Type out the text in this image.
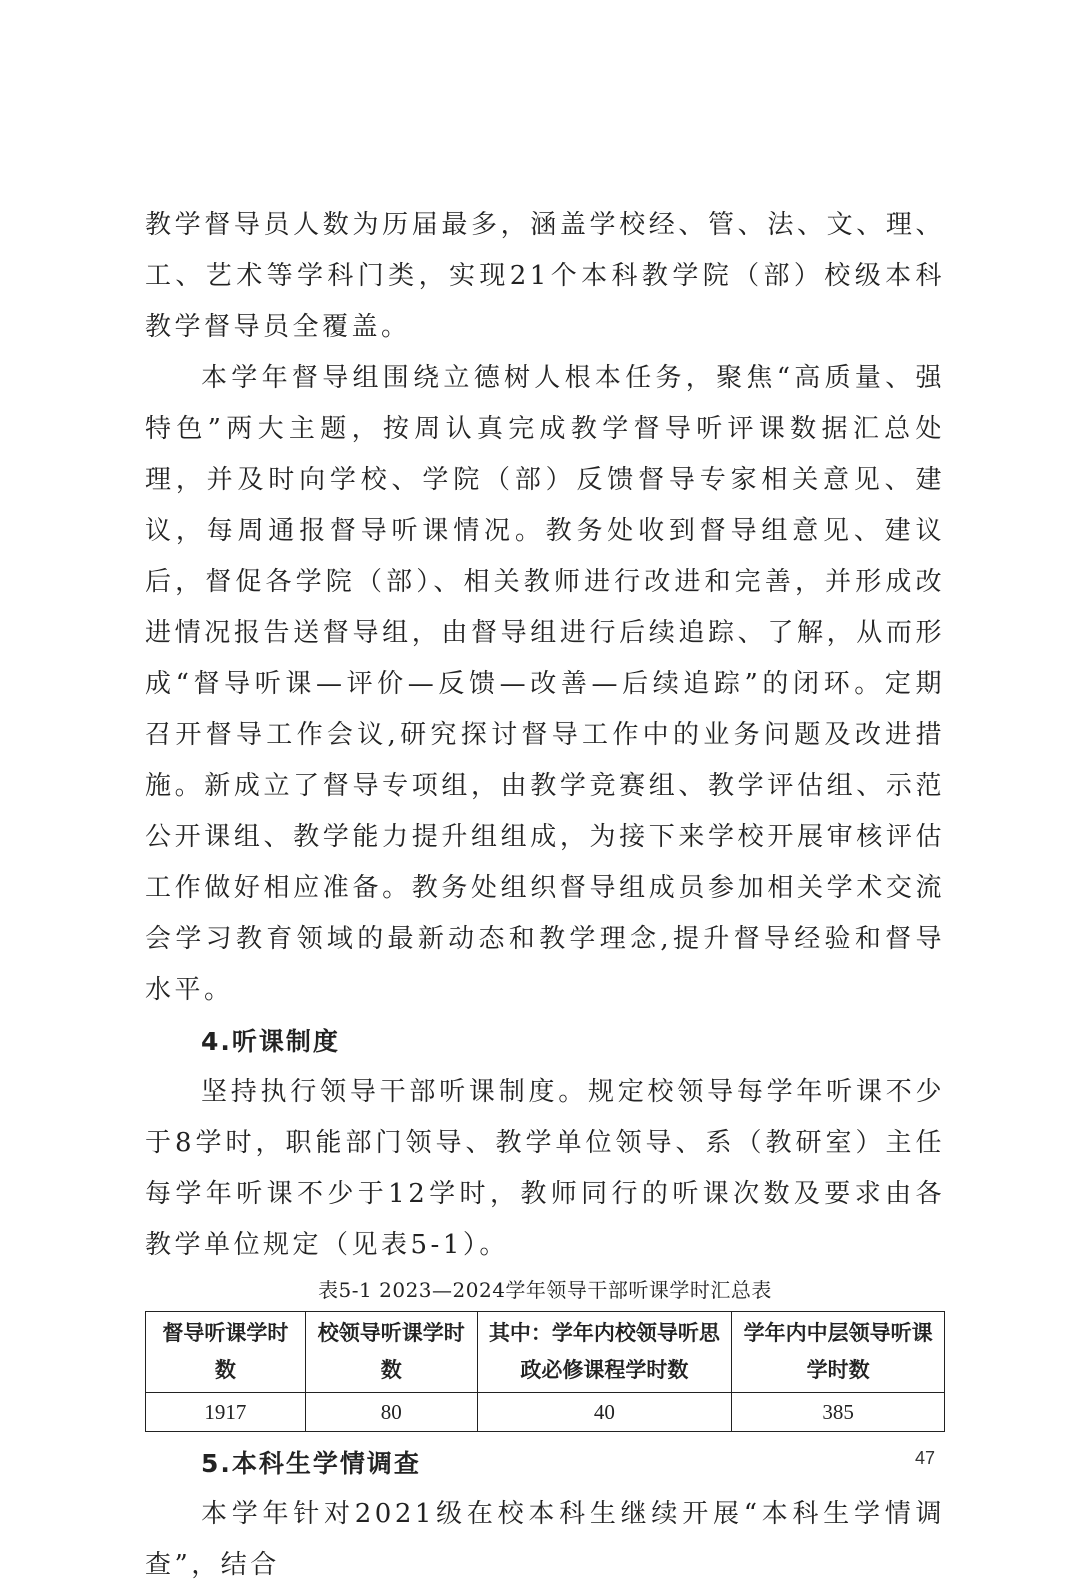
教学督导员人数为历届最多，涵盖学校经、管、法、文、理、工、艺术等学科门类，实现21个本科教学院（部）校级本科教学督导员全覆盖。

本学年督导组围绕立德树人根本任务，聚焦“高质量、强特色”两大主题，按周认真完成教学督导听评课数据汇总处理，并及时向学校、学院（部）反馈督导专家相关意见、建议，每周通报督导听课情况。教务处收到督导组意见、建议后，督促各学院（部）、相关教师进行改进和完善，并形成改进情况报告送督导组，由督导组进行后续追踪、了解，从而形成“督导听课—评价—反馈—改善—后续追踪”的闭环。定期召开督导工作会议,研究探讨督导工作中的业务问题及改进措施。新成立了督导专项组，由教学竞赛组、教学评估组、示范公开课组、教学能力提升组组成，为接下来学校开展审核评估工作做好相应准备。教务处组织督导组成员参加相关学术交流会学习教育领域的最新动态和教学理念,提升督导经验和督导水平。

4.听课制度

坚持执行领导干部听课制度。规定校领导每学年听课不少于8学时，职能部门领导、教学单位领导、系（教研室）主任每学年听课不少于12学时，教师同行的听课次数及要求由各教学单位规定（见表5-1）。

表5-1 2023—2024学年领导干部听课学时汇总表

督导听课学时数	校领导听课学时数	其中：学年内校领导听思政必修课程学时数	学年内中层领导听课学时数
1917	80	40	385

5.本科生学情调查

本学年针对2021级在校本科生继续开展“本科生学情调查”，结合

47
